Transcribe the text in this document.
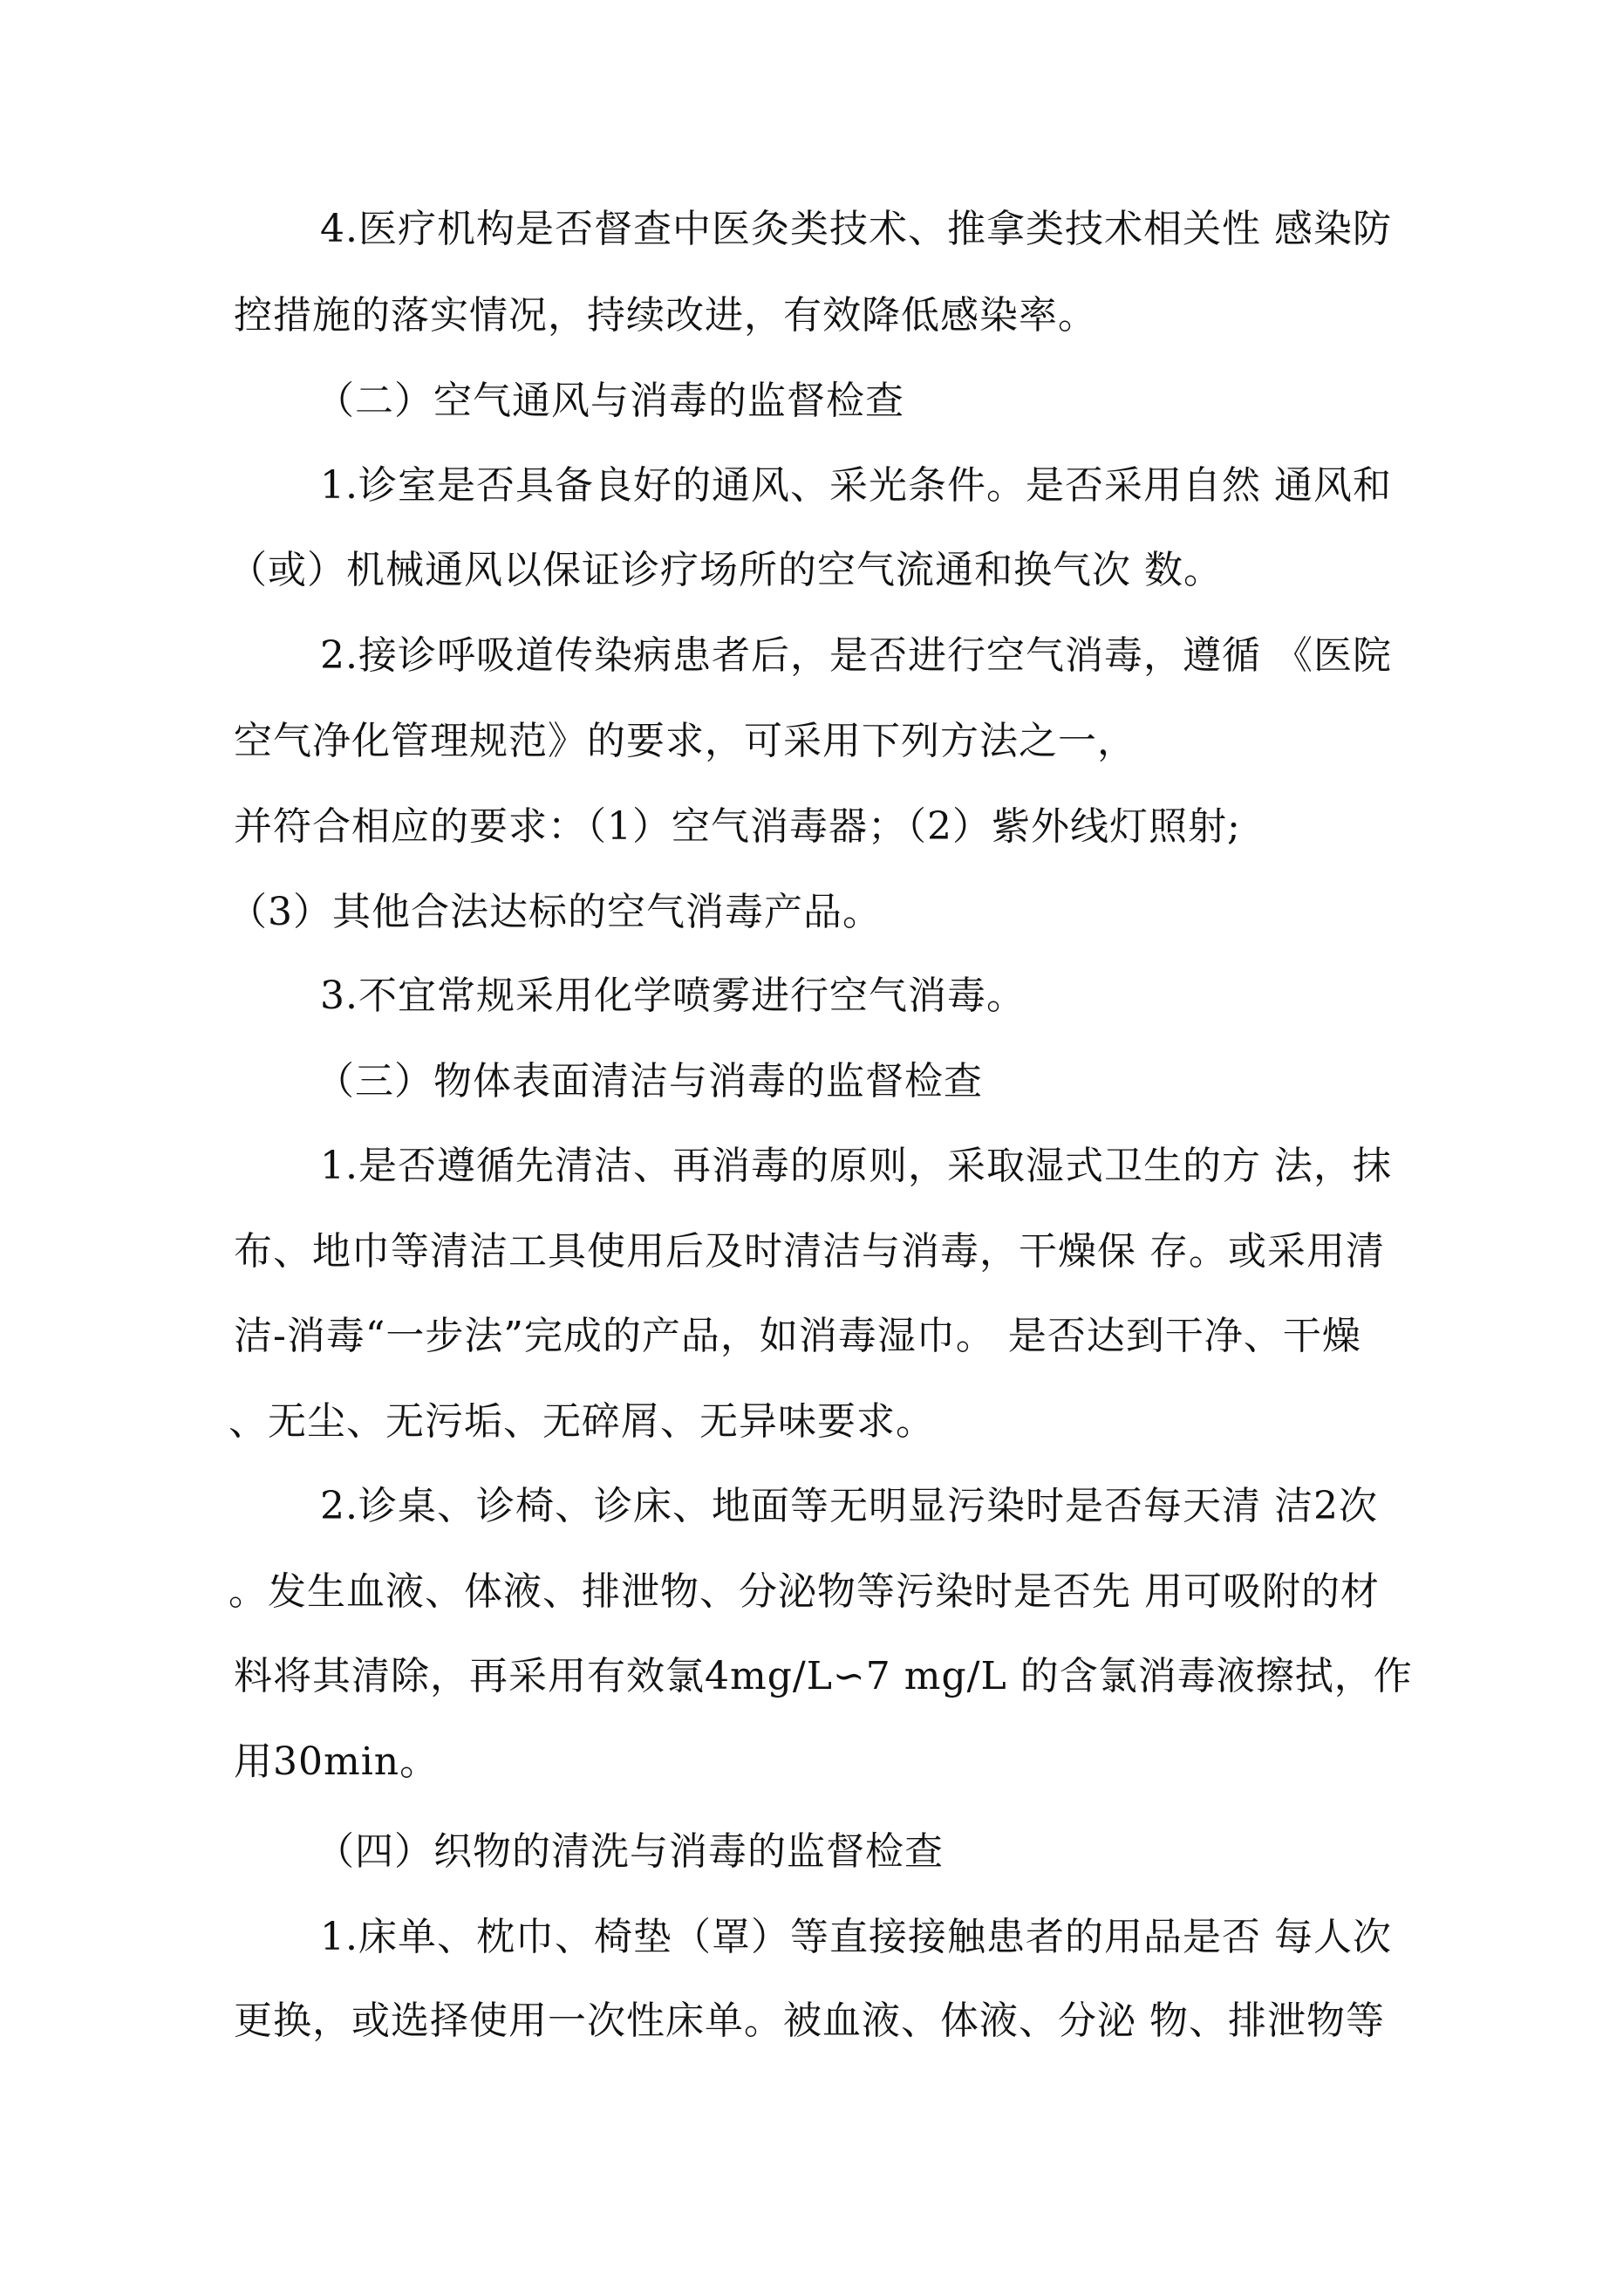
4.医疗机构是否督查中医灸类技术、推拿类技术相关性 感染防

控措施的落实情况，持续改进，有效降低感染率。

（二）空气通风与消毒的监督检查

1.诊室是否具备良好的通风、采光条件。是否采用自然 通风和

（或）机械通风以保证诊疗场所的空气流通和换气次 数。

2.接诊呼吸道传染病患者后，是否进行空气消毒，遵循 《医院

空气净化管理规范》的要求，可采用下列方法之一，

并符合相应的要求：（1）空气消毒器；（2）紫外线灯照射;

（3）其他合法达标的空气消毒产品。

3.不宜常规采用化学喷雾进行空气消毒。

（三）物体表面清洁与消毒的监督检查

1.是否遵循先清洁、再消毒的原则，采取湿式卫生的方 法，抹

布、地巾等清洁工具使用后及时清洁与消毒，干燥保 存。或采用清

洁-消毒“一步法”完成的产品，如消毒湿巾。 是否达到干净、干燥

、无尘、无污垢、无碎屑、无异味要求。

2.诊桌、诊椅、诊床、地面等无明显污染时是否每天清 洁2次

。发生血液、体液、排泄物、分泌物等污染时是否先 用可吸附的材

料将其清除，再采用有效氯4mg/L∽7 mg/L 的含氯消毒液擦拭，作

用30min。

（四）织物的清洗与消毒的监督检查

1.床单、枕巾、椅垫（罩）等直接接触患者的用品是否 每人次

更换，或选择使用一次性床单。被血液、体液、分泌 物、排泄物等
